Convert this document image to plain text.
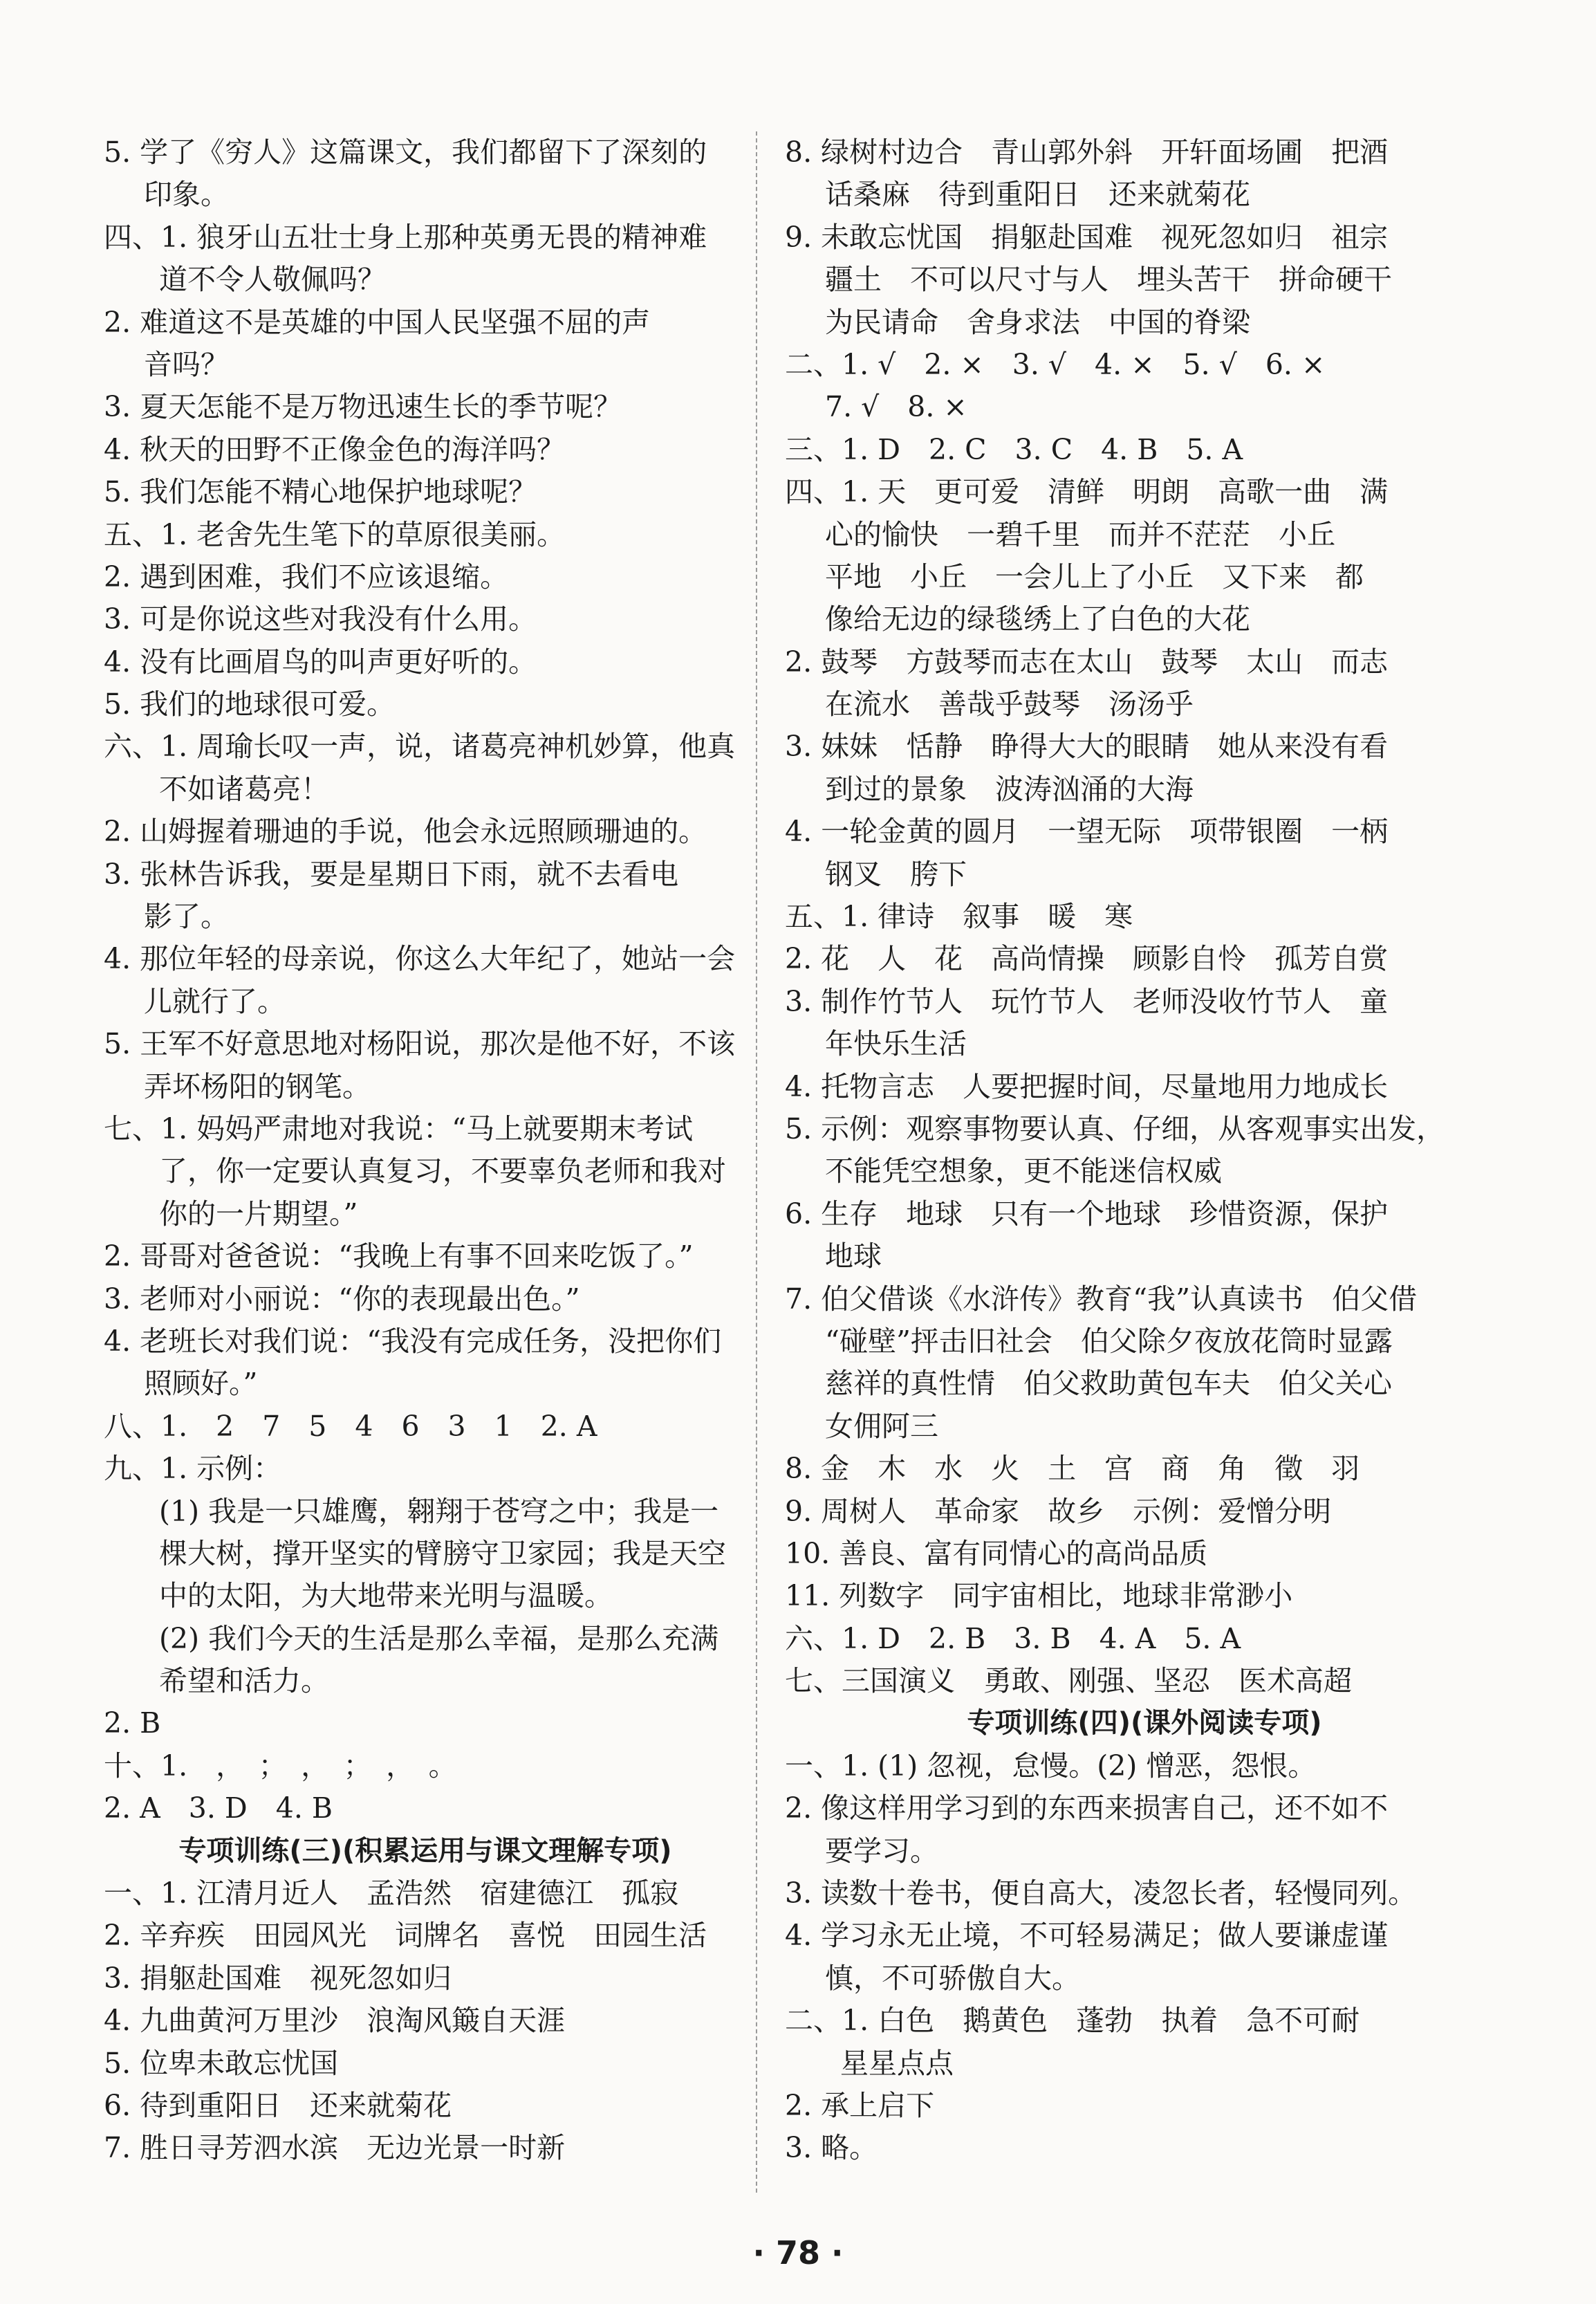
5. 学了《穷人》这篇课文，我们都留下了深刻的
印象。
四、1. 狼牙山五壮士身上那种英勇无畏的精神难
道不令人敬佩吗？
2. 难道这不是英雄的中国人民坚强不屈的声
音吗？
3. 夏天怎能不是万物迅速生长的季节呢？
4. 秋天的田野不正像金色的海洋吗？
5. 我们怎能不精心地保护地球呢？
五、1. 老舍先生笔下的草原很美丽。
2. 遇到困难，我们不应该退缩。
3. 可是你说这些对我没有什么用。
4. 没有比画眉鸟的叫声更好听的。
5. 我们的地球很可爱。
六、1. 周瑜长叹一声，说，诸葛亮神机妙算，他真
不如诸葛亮！
2. 山姆握着珊迪的手说，他会永远照顾珊迪的。
3. 张林告诉我，要是星期日下雨，就不去看电
影了。
4. 那位年轻的母亲说，你这么大年纪了，她站一会
儿就行了。
5. 王军不好意思地对杨阳说，那次是他不好，不该
弄坏杨阳的钢笔。
七、1. 妈妈严肃地对我说：“马上就要期末考试
了，你一定要认真复习，不要辜负老师和我对
你的一片期望。”
2. 哥哥对爸爸说：“我晚上有事不回来吃饭了。”
3. 老师对小丽说：“你的表现最出色。”
4. 老班长对我们说：“我没有完成任务，没把你们
照顾好。”
八、1.　2　7　5　4　6　3　1　2. A
九、1. 示例：
(1) 我是一只雄鹰，翱翔于苍穹之中；我是一
棵大树，撑开坚实的臂膀守卫家园；我是天空
中的太阳，为大地带来光明与温暖。
(2) 我们今天的生活是那么幸福，是那么充满
希望和活力。
2. B
十、1.　，　；　，　；　，　。
2. A　3. D　4. B
专项训练(三)(积累运用与课文理解专项)
一、1. 江清月近人　孟浩然　宿建德江　孤寂
2. 辛弃疾　田园风光　词牌名　喜悦　田园生活
3. 捐躯赴国难　视死忽如归
4. 九曲黄河万里沙　浪淘风簸自天涯
5. 位卑未敢忘忧国
6. 待到重阳日　还来就菊花
7. 胜日寻芳泗水滨　无边光景一时新
8. 绿树村边合　青山郭外斜　开轩面场圃　把酒
话桑麻　待到重阳日　还来就菊花
9. 未敢忘忧国　捐躯赴国难　视死忽如归　祖宗
疆土　不可以尺寸与人　埋头苦干　拼命硬干
为民请命　舍身求法　中国的脊梁
二、1. √　2. ×　3. √　4. ×　5. √　6. ×
7. √　8. ×
三、1. D　2. C　3. C　4. B　5. A
四、1. 天　更可爱　清鲜　明朗　高歌一曲　满
心的愉快　一碧千里　而并不茫茫　小丘
平地　小丘　一会儿上了小丘　又下来　都
像给无边的绿毯绣上了白色的大花
2. 鼓琴　方鼓琴而志在太山　鼓琴　太山　而志
在流水　善哉乎鼓琴　汤汤乎
3. 妹妹　恬静　睁得大大的眼睛　她从来没有看
到过的景象　波涛汹涌的大海
4. 一轮金黄的圆月　一望无际　项带银圈　一柄
钢叉　胯下
五、1. 律诗　叙事　暖　寒
2. 花　人　花　高尚情操　顾影自怜　孤芳自赏
3. 制作竹节人　玩竹节人　老师没收竹节人　童
年快乐生活
4. 托物言志　人要把握时间，尽量地用力地成长
5. 示例：观察事物要认真、仔细，从客观事实出发，
不能凭空想象，更不能迷信权威
6. 生存　地球　只有一个地球　珍惜资源，保护
地球
7. 伯父借谈《水浒传》教育“我”认真读书　伯父借
“碰壁”抨击旧社会　伯父除夕夜放花筒时显露
慈祥的真性情　伯父救助黄包车夫　伯父关心
女佣阿三
8. 金　木　水　火　土　宫　商　角　徵　羽
9. 周树人　革命家　故乡　示例：爱憎分明
10. 善良、富有同情心的高尚品质
11. 列数字　同宇宙相比，地球非常渺小
六、1. D　2. B　3. B　4. A　5. A
七、三国演义　勇敢、刚强、坚忍　医术高超
专项训练(四)(课外阅读专项)
一、1. (1) 忽视，怠慢。(2) 憎恶，怨恨。
2. 像这样用学习到的东西来损害自己，还不如不
要学习。
3. 读数十卷书，便自高大，凌忽长者，轻慢同列。
4. 学习永无止境，不可轻易满足；做人要谦虚谨
慎，不可骄傲自大。
二、1. 白色　鹅黄色　蓬勃　执着　急不可耐
星星点点
2. 承上启下
3. 略。
· 78 ·
